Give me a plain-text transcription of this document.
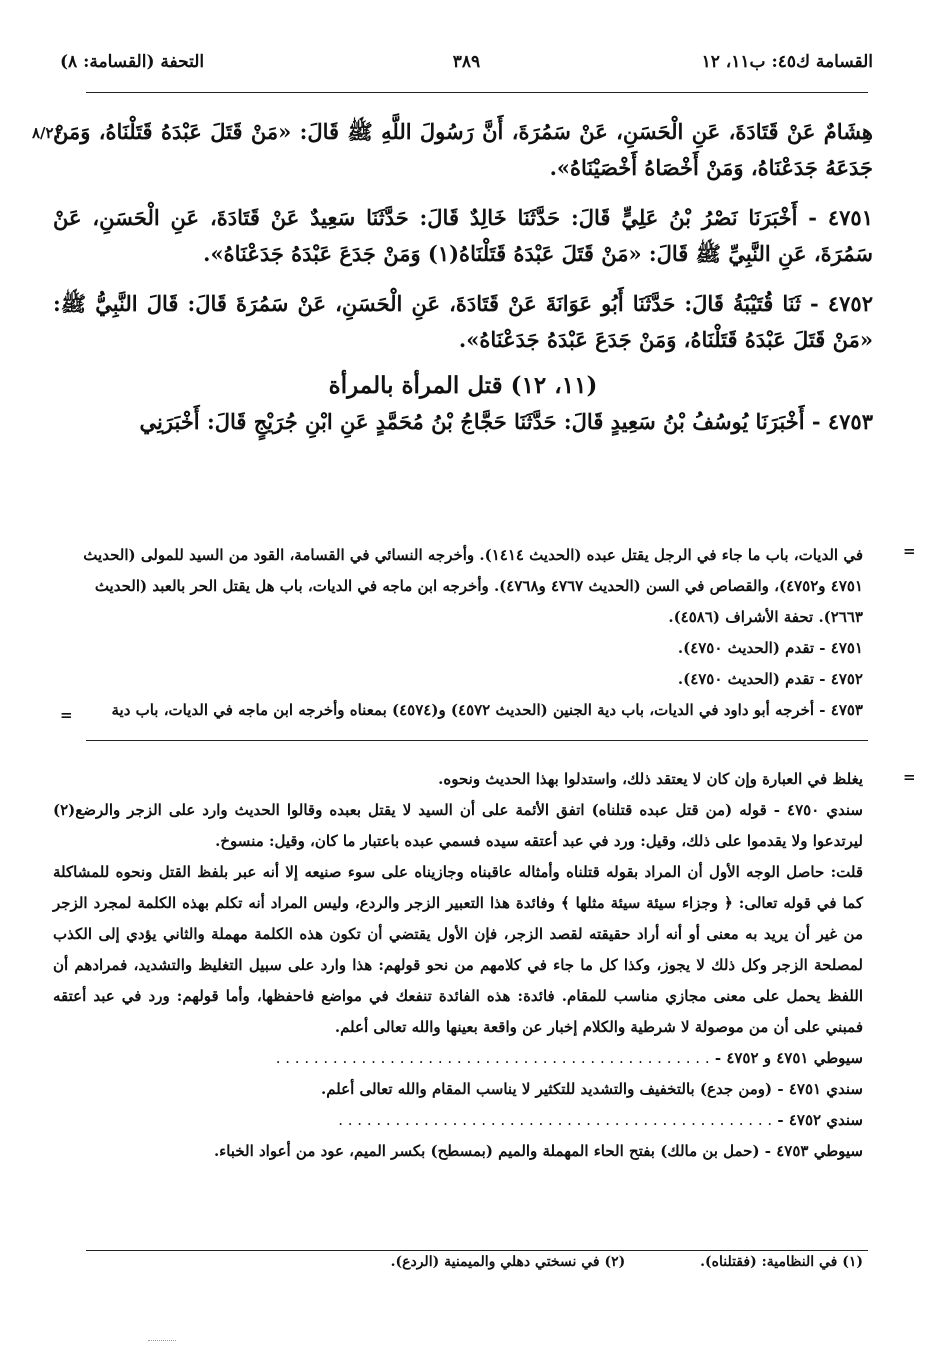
القسامة ك٤٥: ب١١، ١٢
٣٨٩
التحفة (القسامة: ٨)
٨/٢١

هِشَامٌ عَنْ قَتَادَةَ، عَنِ الْحَسَنِ، عَنْ سَمُرَةَ، أَنَّ رَسُولَ اللَّهِ ﷺ قَالَ: «مَنْ قَتَلَ عَبْدَهُ قَتَلْنَاهُ، وَمَنْ جَدَعَهُ جَدَعْنَاهُ، وَمَنْ أَخْصَاهُ أَخْصَيْنَاهُ».

٤٧٥١ - أَخْبَرَنَا نَصْرُ بْنُ عَلِيٍّ قَالَ: حَدَّثَنَا خَالِدٌ قَالَ: حَدَّثَنَا سَعِيدٌ عَنْ قَتَادَةَ، عَنِ الْحَسَنِ، عَنْ سَمُرَةَ، عَنِ النَّبِيِّ ﷺ قَالَ: «مَنْ قَتَلَ عَبْدَهُ قَتَلْنَاهُ(١) وَمَنْ جَدَعَ عَبْدَهُ جَدَعْنَاهُ».

٤٧٥٢ - ثَنَا قُتَيْبَةُ قَالَ: حَدَّثَنَا أَبُو عَوَانَةَ عَنْ قَتَادَةَ، عَنِ الْحَسَنِ، عَنْ سَمُرَةَ قَالَ: قَالَ النَّبِيُّ ﷺ: «مَنْ قَتَلَ عَبْدَهُ قَتَلْنَاهُ، وَمَنْ جَدَعَ عَبْدَهُ جَدَعْنَاهُ».

(١١، ١٢) قتل المرأة بالمرأة

٤٧٥٣ - أَخْبَرَنَا يُوسُفُ بْنُ سَعِيدٍ قَالَ: حَدَّثَنَا حَجَّاجُ بْنُ مُحَمَّدٍ عَنِ ابْنِ جُرَيْجٍ قَالَ: أَخْبَرَنِي

=

في الديات، باب ما جاء في الرجل يقتل عبده (الحديث ١٤١٤). وأخرجه النسائي في القسامة، القود من السيد للمولى (الحديث ٤٧٥١ و٤٧٥٢)، والقصاص في السن (الحديث ٤٧٦٧ و٤٧٦٨). وأخرجه ابن ماجه في الديات، باب هل يقتل الحر بالعبد (الحديث ٢٦٦٣). تحفة الأشراف (٤٥٨٦).

٤٧٥١ - تقدم (الحديث ٤٧٥٠).

٤٧٥٢ - تقدم (الحديث ٤٧٥٠).

٤٧٥٣ - أخرجه أبو داود في الديات، باب دية الجنين (الحديث ٤٥٧٢) و(٤٥٧٤) بمعناه وأخرجه ابن ماجه في الديات، باب دية

=
=

يغلظ في العبارة وإن كان لا يعتقد ذلك، واستدلوا بهذا الحديث ونحوه.

سندي ٤٧٥٠ - قوله (من قتل عبده قتلناه) اتفق الأئمة على أن السيد لا يقتل بعبده وقالوا الحديث وارد على الزجر والرضع(٢) ليرتدعوا ولا يقدموا على ذلك، وقيل: ورد في عبد أعتقه سيده فسمي عبده باعتبار ما كان، وقيل: منسوخ.

قلت: حاصل الوجه الأول أن المراد بقوله قتلناه وأمثاله عاقبناه وجازيناه على سوء صنيعه إلا أنه عبر بلفظ القتل ونحوه للمشاكلة كما في قوله تعالى: ﴿ وجزاء سيئة سيئة مثلها ﴾ وفائدة هذا التعبير الزجر والردع، وليس المراد أنه تكلم بهذه الكلمة لمجرد الزجر من غير أن يريد به معنى أو أنه أراد حقيقته لقصد الزجر، فإن الأول يقتضي أن تكون هذه الكلمة مهملة والثاني يؤدي إلى الكذب لمصلحة الزجر وكل ذلك لا يجوز، وكذا كل ما جاء في كلامهم من نحو قولهم: هذا وارد على سبيل التغليظ والتشديد، فمرادهم أن اللفظ يحمل على معنى مجازي مناسب للمقام. فائدة: هذه الفائدة تنفعك في مواضع فاحفظها، وأما قولهم: ورد في عبد أعتقه فمبني على أن من موصولة لا شرطية والكلام إخبار عن واقعة بعينها والله تعالى أعلم.

سيوطي ٤٧٥١ و ٤٧٥٢ - . . . . . . . . . . . . . . . . . . . . . . . . . . . . . . . . . . . . . . . . . . . . . .

سندي ٤٧٥١ - (ومن جدع) بالتخفيف والتشديد للتكثير لا يناسب المقام والله تعالى أعلم.

سندي ٤٧٥٢ - . . . . . . . . . . . . . . . . . . . . . . . . . . . . . . . . . . . . . . . . . . . . . .

سيوطي ٤٧٥٣ - (حمل بن مالك) بفتح الحاء المهملة والميم (بمسطح) بكسر الميم، عود من أعواد الخباء.

(١) في النظامية: (فقتلناه). (٢) في نسختي دهلي والميمنية (الردع).
